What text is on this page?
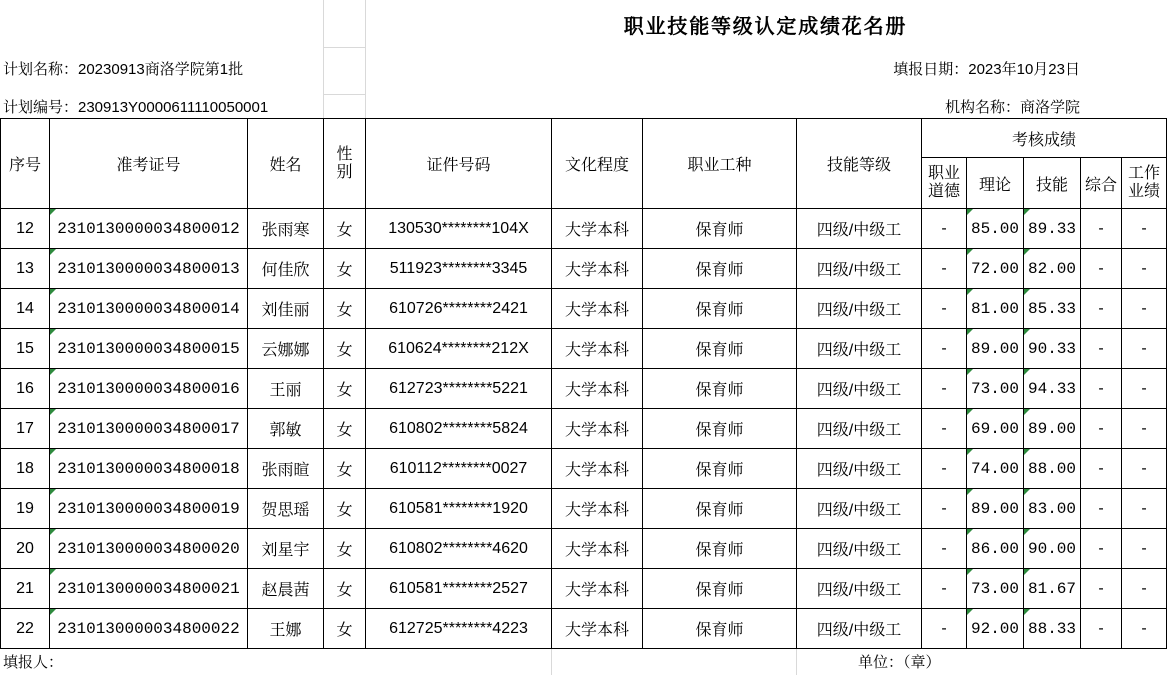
职业技能等级认定成绩花名册
计划名称：20230913商洛学院第1批	填报日期：2023年10月23日
计划编号：230913Y0000611110050001	机构名称：商洛学院
序号	准考证号	姓名	性别	证件号码	文化程度	职业工种	技能等级	考核成绩				
								职业道德	理论	技能	综合	工作业绩
12	2310130000034800012	张雨寒	女	130530********104X	大学本科	保育师	四级/中级工	-	85.00	89.33	-	-
13	2310130000034800013	何佳欣	女	511923********3345	大学本科	保育师	四级/中级工	-	72.00	82.00	-	-
14	2310130000034800014	刘佳丽	女	610726********2421	大学本科	保育师	四级/中级工	-	81.00	85.33	-	-
15	2310130000034800015	云娜娜	女	610624********212X	大学本科	保育师	四级/中级工	-	89.00	90.33	-	-
16	2310130000034800016	王丽	女	612723********5221	大学本科	保育师	四级/中级工	-	73.00	94.33	-	-
17	2310130000034800017	郭敏	女	610802********5824	大学本科	保育师	四级/中级工	-	69.00	89.00	-	-
18	2310130000034800018	张雨暄	女	610112********0027	大学本科	保育师	四级/中级工	-	74.00	88.00	-	-
19	2310130000034800019	贺思瑶	女	610581********1920	大学本科	保育师	四级/中级工	-	89.00	83.00	-	-
20	2310130000034800020	刘星宇	女	610802********4620	大学本科	保育师	四级/中级工	-	86.00	90.00	-	-
21	2310130000034800021	赵晨茜	女	610581********2527	大学本科	保育师	四级/中级工	-	73.00	81.67	-	-
22	2310130000034800022	王娜	女	612725********4223	大学本科	保育师	四级/中级工	-	92.00	88.33	-	-
填报人：	单位：（章）
